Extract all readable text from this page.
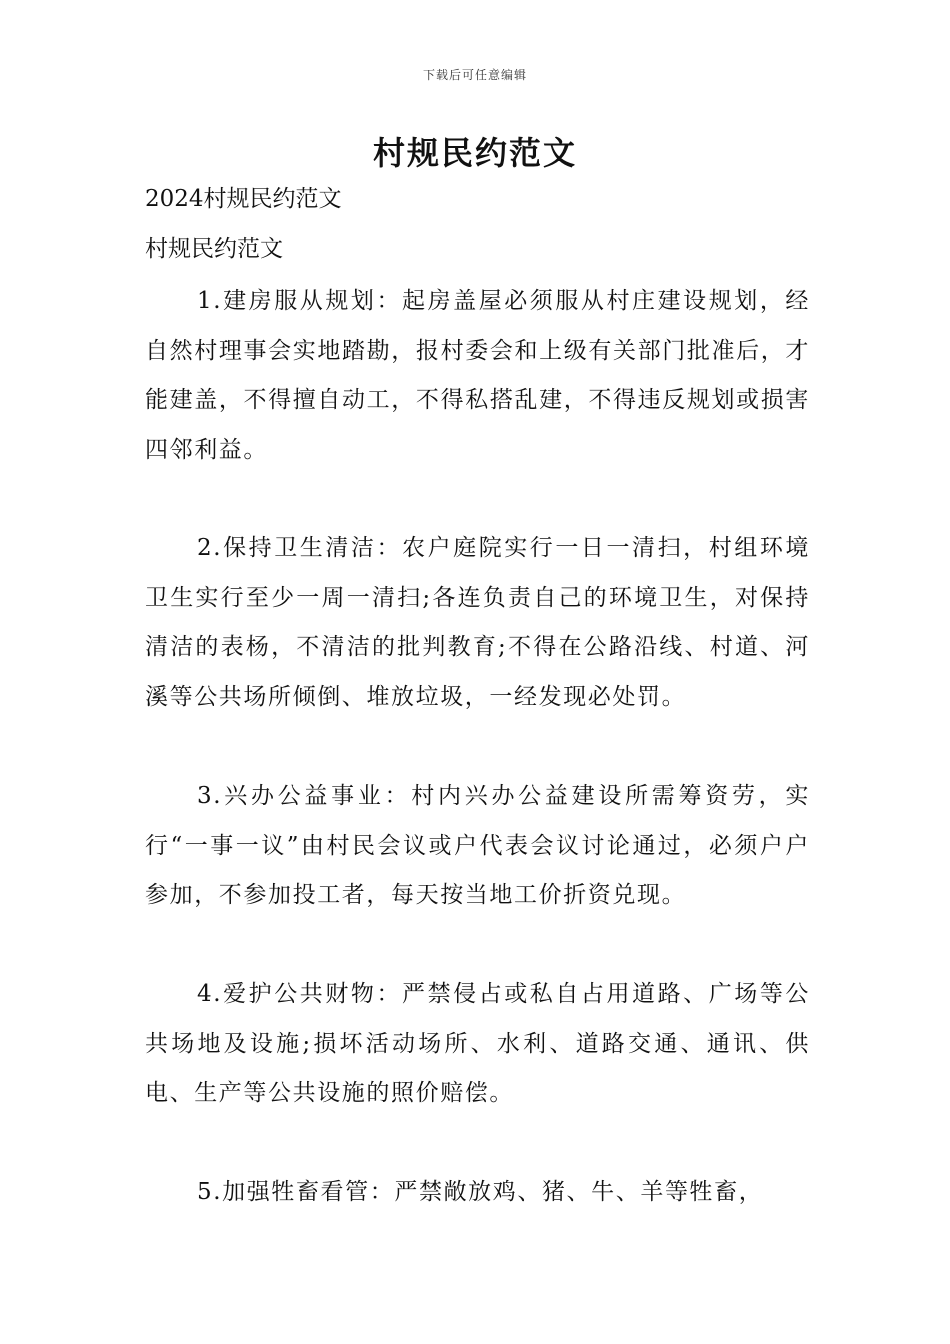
下载后可任意编辑
村规民约范文

2024村规民约范文

村规民约范文

1.建房服从规划：起房盖屋必须服从村庄建设规划，经自然村理事会实地踏勘，报村委会和上级有关部门批准后，才能建盖，不得擅自动工，不得私搭乱建，不得违反规划或损害四邻利益。

2.保持卫生清洁：农户庭院实行一日一清扫，村组环境卫生实行至少一周一清扫;各连负责自己的环境卫生，对保持清洁的表杨，不清洁的批判教育;不得在公路沿线、村道、河溪等公共场所倾倒、堆放垃圾，一经发现必处罚。

3.兴办公益事业：村内兴办公益建设所需筹资劳，实行“一事一议”由村民会议或户代表会议讨论通过，必须户户参加，不参加投工者，每天按当地工价折资兑现。

4.爱护公共财物：严禁侵占或私自占用道路、广场等公共场地及设施;损坏活动场所、水利、道路交通、通讯、供电、生产等公共设施的照价赔偿。

5.加强牲畜看管：严禁敞放鸡、猪、牛、羊等牲畜，
